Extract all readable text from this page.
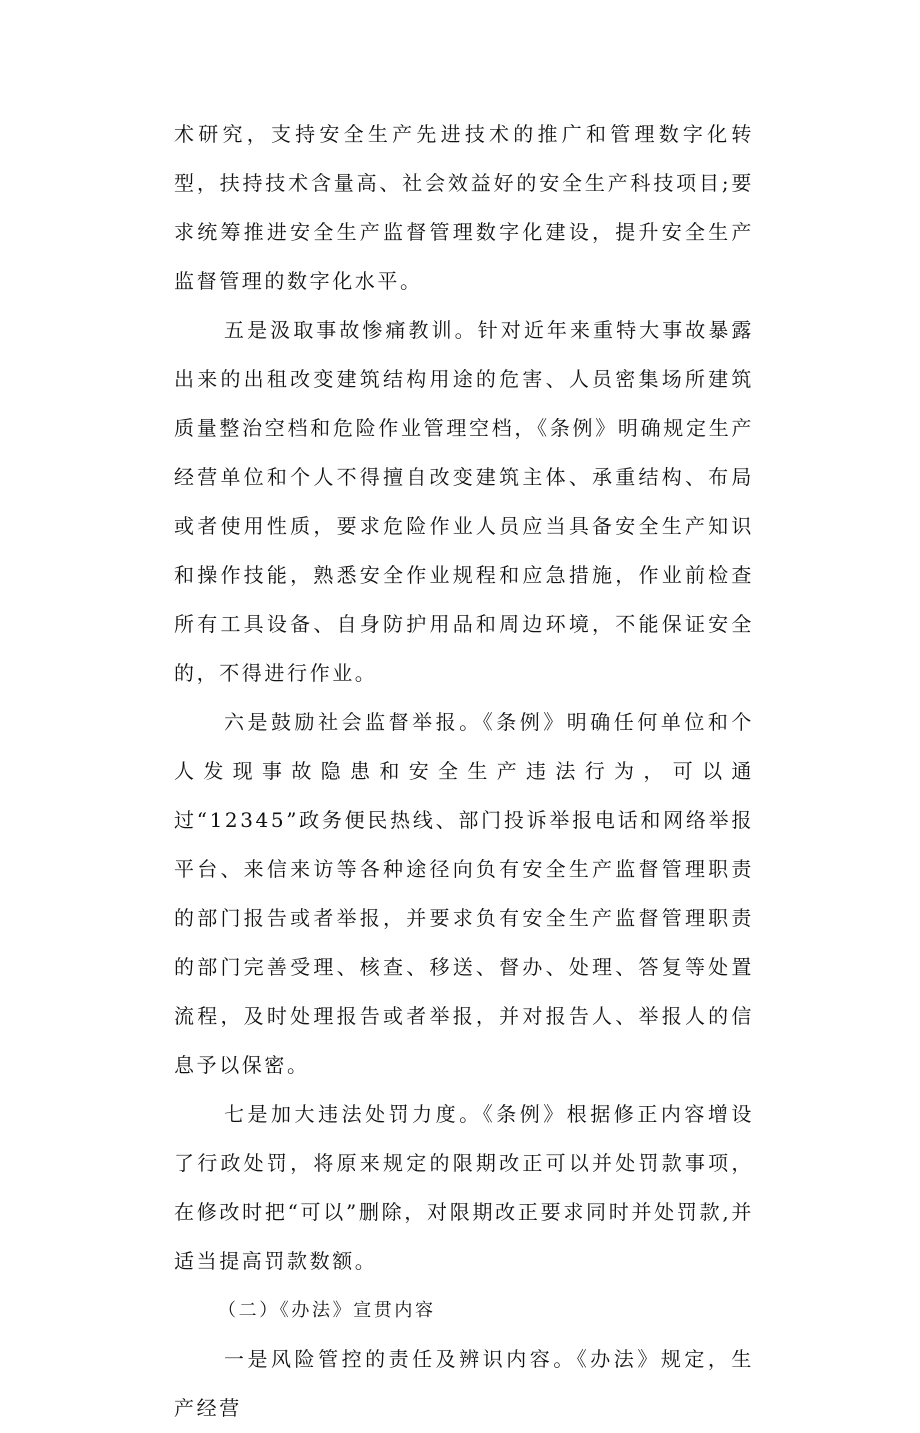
术研究，支持安全生产先进技术的推广和管理数字化转型，扶持技术含量高、社会效益好的安全生产科技项目;要求统筹推进安全生产监督管理数字化建设，提升安全生产监督管理的数字化水平。

五是汲取事故惨痛教训。针对近年来重特大事故暴露出来的出租改变建筑结构用途的危害、人员密集场所建筑质量整治空档和危险作业管理空档，《条例》明确规定生产经营单位和个人不得擅自改变建筑主体、承重结构、布局或者使用性质，要求危险作业人员应当具备安全生产知识和操作技能，熟悉安全作业规程和应急措施，作业前检查所有工具设备、自身防护用品和周边环境，不能保证安全的，不得进行作业。

六是鼓励社会监督举报。《条例》明确任何单位和个人发现事故隐患和安全生产违法行为，可以通过“12345”政务便民热线、部门投诉举报电话和网络举报平台、来信来访等各种途径向负有安全生产监督管理职责的部门报告或者举报，并要求负有安全生产监督管理职责的部门完善受理、核查、移送、督办、处理、答复等处置流程，及时处理报告或者举报，并对报告人、举报人的信息予以保密。

七是加大违法处罚力度。《条例》根据修正内容增设了行政处罚，将原来规定的限期改正可以并处罚款事项，在修改时把“可以”删除，对限期改正要求同时并处罚款,并适当提高罚款数额。

（二）《办法》宣贯内容

一是风险管控的责任及辨识内容。《办法》规定，生产经营
